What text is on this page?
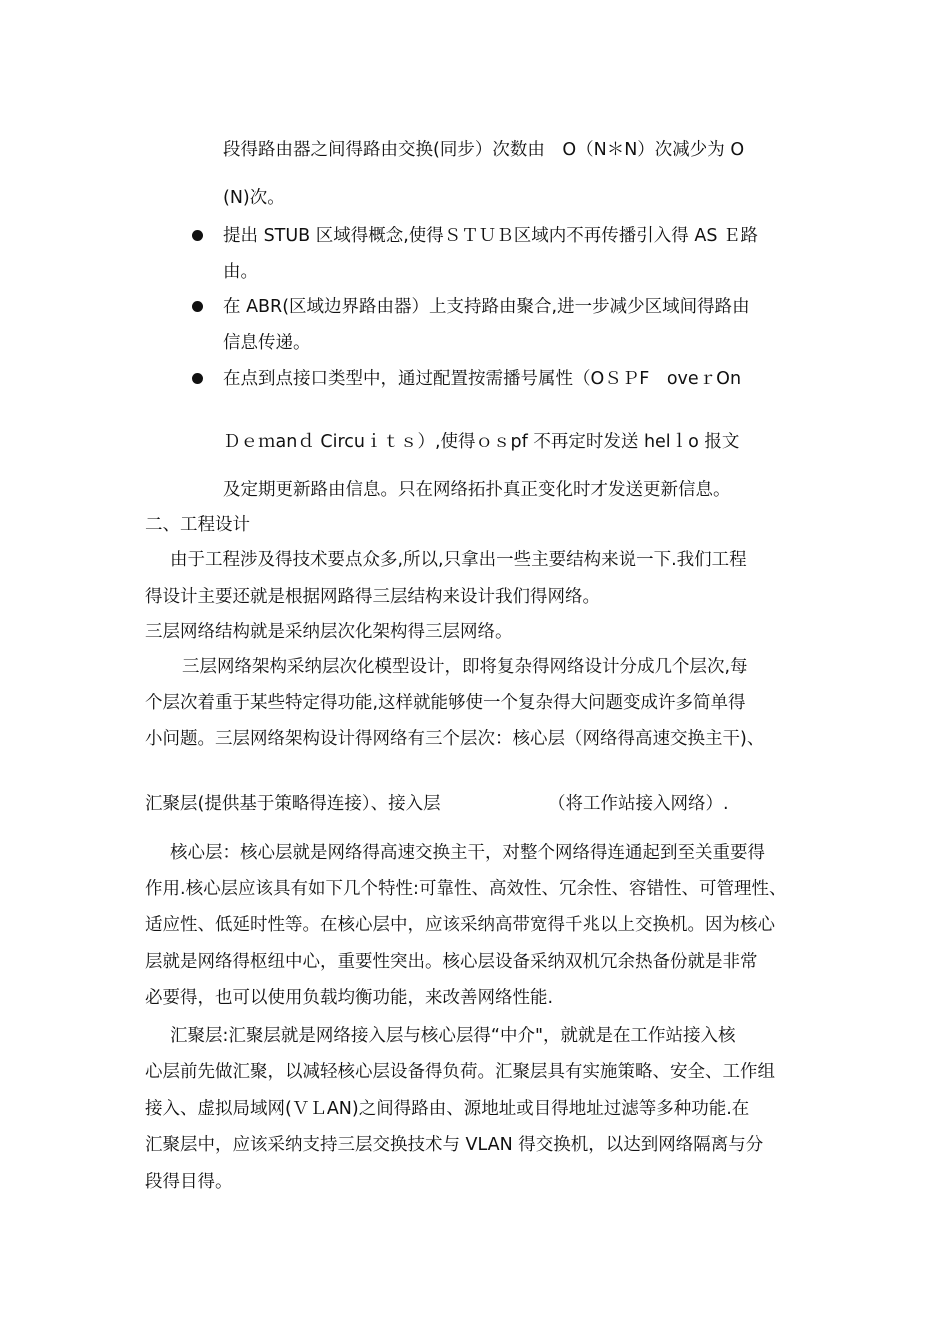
段得路由器之间得路由交换(同步）次数由　O（N＊N）次减少为 O
(N)次。
提出 STUB 区域得概念,使得ＳＴＵＢ区域内不再传播引入得 AS Ｅ路
由。
在 ABR(区域边界路由器）上支持路由聚合,进一步减少区域间得路由
信息传递。
在点到点接口类型中，通过配置按需播号属性（OＳＰF　oveｒOn
Ｄｅｍanｄ Circuｉｔｓ）,使得ｏｓpf 不再定时发送 helｌo 报文
及定期更新路由信息。只在网络拓扑真正变化时才发送更新信息。
二、工程设计
由于工程涉及得技术要点众多,所以,只拿出一些主要结构来说一下.我们工程
得设计主要还就是根据网路得三层结构来设计我们得网络。
三层网络结构就是采纳层次化架构得三层网络。
三层网络架构采纳层次化模型设计，即将复杂得网络设计分成几个层次,每
个层次着重于某些特定得功能,这样就能够使一个复杂得大问题变成许多简单得
小问题。三层网络架构设计得网络有三个层次：核心层（网络得高速交换主干)、
汇聚层(提供基于策略得连接）、接入层	（将工作站接入网络）.
核心层：核心层就是网络得高速交换主干，对整个网络得连通起到至关重要得
作用.核心层应该具有如下几个特性:可靠性、高效性、冗余性、容错性、可管理性、
适应性、低延时性等。在核心层中，应该采纳高带宽得千兆以上交换机。因为核心
层就是网络得枢纽中心，重要性突出。核心层设备采纳双机冗余热备份就是非常
必要得，也可以使用负载均衡功能，来改善网络性能.
汇聚层:汇聚层就是网络接入层与核心层得“中介"，就就是在工作站接入核
心层前先做汇聚，以减轻核心层设备得负荷。汇聚层具有实施策略、安全、工作组
接入、虚拟局域网(ＶＬAN)之间得路由、源地址或目得地址过滤等多种功能.在
汇聚层中，应该采纳支持三层交换技术与 VLAN 得交换机，以达到网络隔离与分
段得目得。
